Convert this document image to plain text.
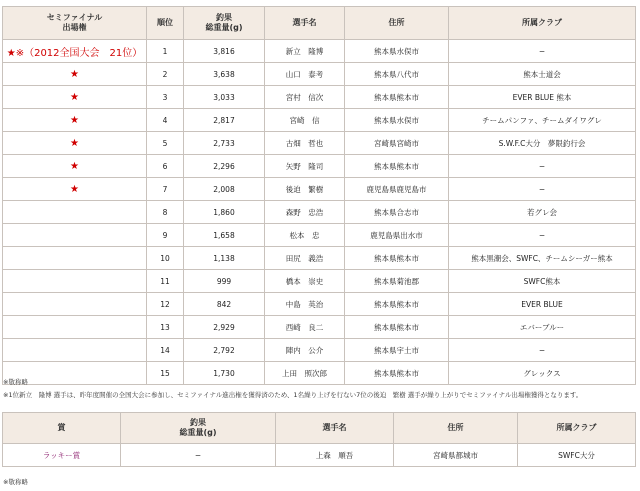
セミファイナル
出場権	順位	釣果
総重量(g)	選手名	住所	所属クラブ
★※（2012全国大会　21位）	1	3,816	新立　隆博	熊本県水俣市	−
★	2	3,638	山口　泰考	熊本県八代市	熊本士道会
★	3	3,033	宮村　信次	熊本県熊本市	EVER BLUE 熊本
★	4	2,817	宮崎　信	熊本県水俣市	チームパンファ、チームダイワグレ
★	5	2,733	古畑　哲也	宮崎県宮崎市	S.W.F.C大分　夢限釣行会
★	6	2,296	矢野　隆司	熊本県熊本市	−
★	7	2,008	後迫　繁樹	鹿児島県鹿児島市	−
	8	1,860	森野　忠浩	熊本県合志市	若グレ会
	9	1,658	松本　忠	鹿児島県出水市	−
	10	1,138	田尻　義浩	熊本県熊本市	熊本黒潮会、SWFC、チームシーガー熊本
	11	999	橋本　崇史	熊本県菊池郡	SWFC熊本
	12	842	中島　英治	熊本県熊本市	EVER BLUE
	13	2,929	西崎　良二	熊本県熊本市	エバーブルー
	14	2,792	陣内　公介	熊本県宇土市	−
	15	1,730	上田　照次郎	熊本県熊本市	グレックス
※敬称略
※1位新立　隆博 選手は、昨年度開催の全国大会に参加し、セミファイナル進出権を獲得済のため、1名繰り上げを行ない7位の後迫　繁樹 選手が繰り上がりでセミファイナル出場権獲得となります。
賞	釣果
総重量(g)	選手名	住所	所属クラブ
ラッキー賞	−	上森　順吾	宮崎県都城市	SWFC大分
※敬称略
